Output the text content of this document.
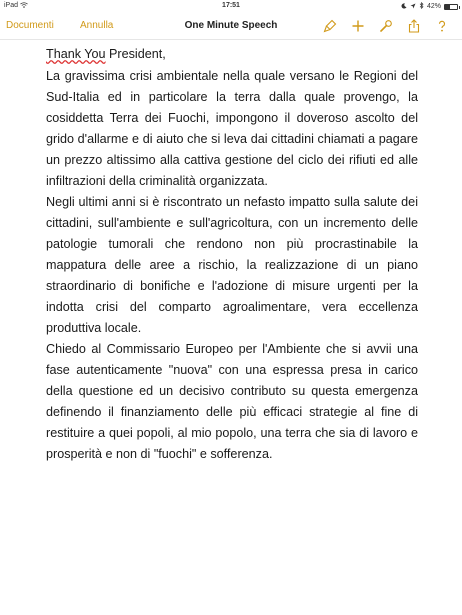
iPad	17:51	42%
Documenti	Annulla	One Minute Speech

Thank You President,

La gravissima crisi ambientale nella quale versano le Regioni del Sud-Italia ed in particolare la terra dalla quale provengo, la cosiddetta Terra dei Fuochi, impongono il doveroso ascolto del grido d'allarme e di aiuto che si leva dai cittadini chiamati a pagare un prezzo altissimo alla cattiva gestione del ciclo dei rifiuti ed alle infiltrazioni della criminalità organizzata.

Negli ultimi anni si è riscontrato un nefasto impatto sulla salute dei cittadini, sull'ambiente e sull'agricoltura, con un incremento delle patologie tumorali che rendono non più procrastinabile la mappatura delle aree a rischio, la realizzazione di un piano straordinario di bonifiche e l'adozione di misure urgenti per la indotta crisi del comparto agroalimentare, vera eccellenza produttiva locale.

Chiedo al Commissario Europeo per l'Ambiente che si avvii una fase autenticamente "nuova" con una espressa presa in carico della questione ed un decisivo contributo su questa emergenza definendo il finanziamento delle più efficaci strategie al fine di restituire a quei popoli, al mio popolo, una terra che sia di lavoro e prosperità e non di "fuochi" e sofferenza.
